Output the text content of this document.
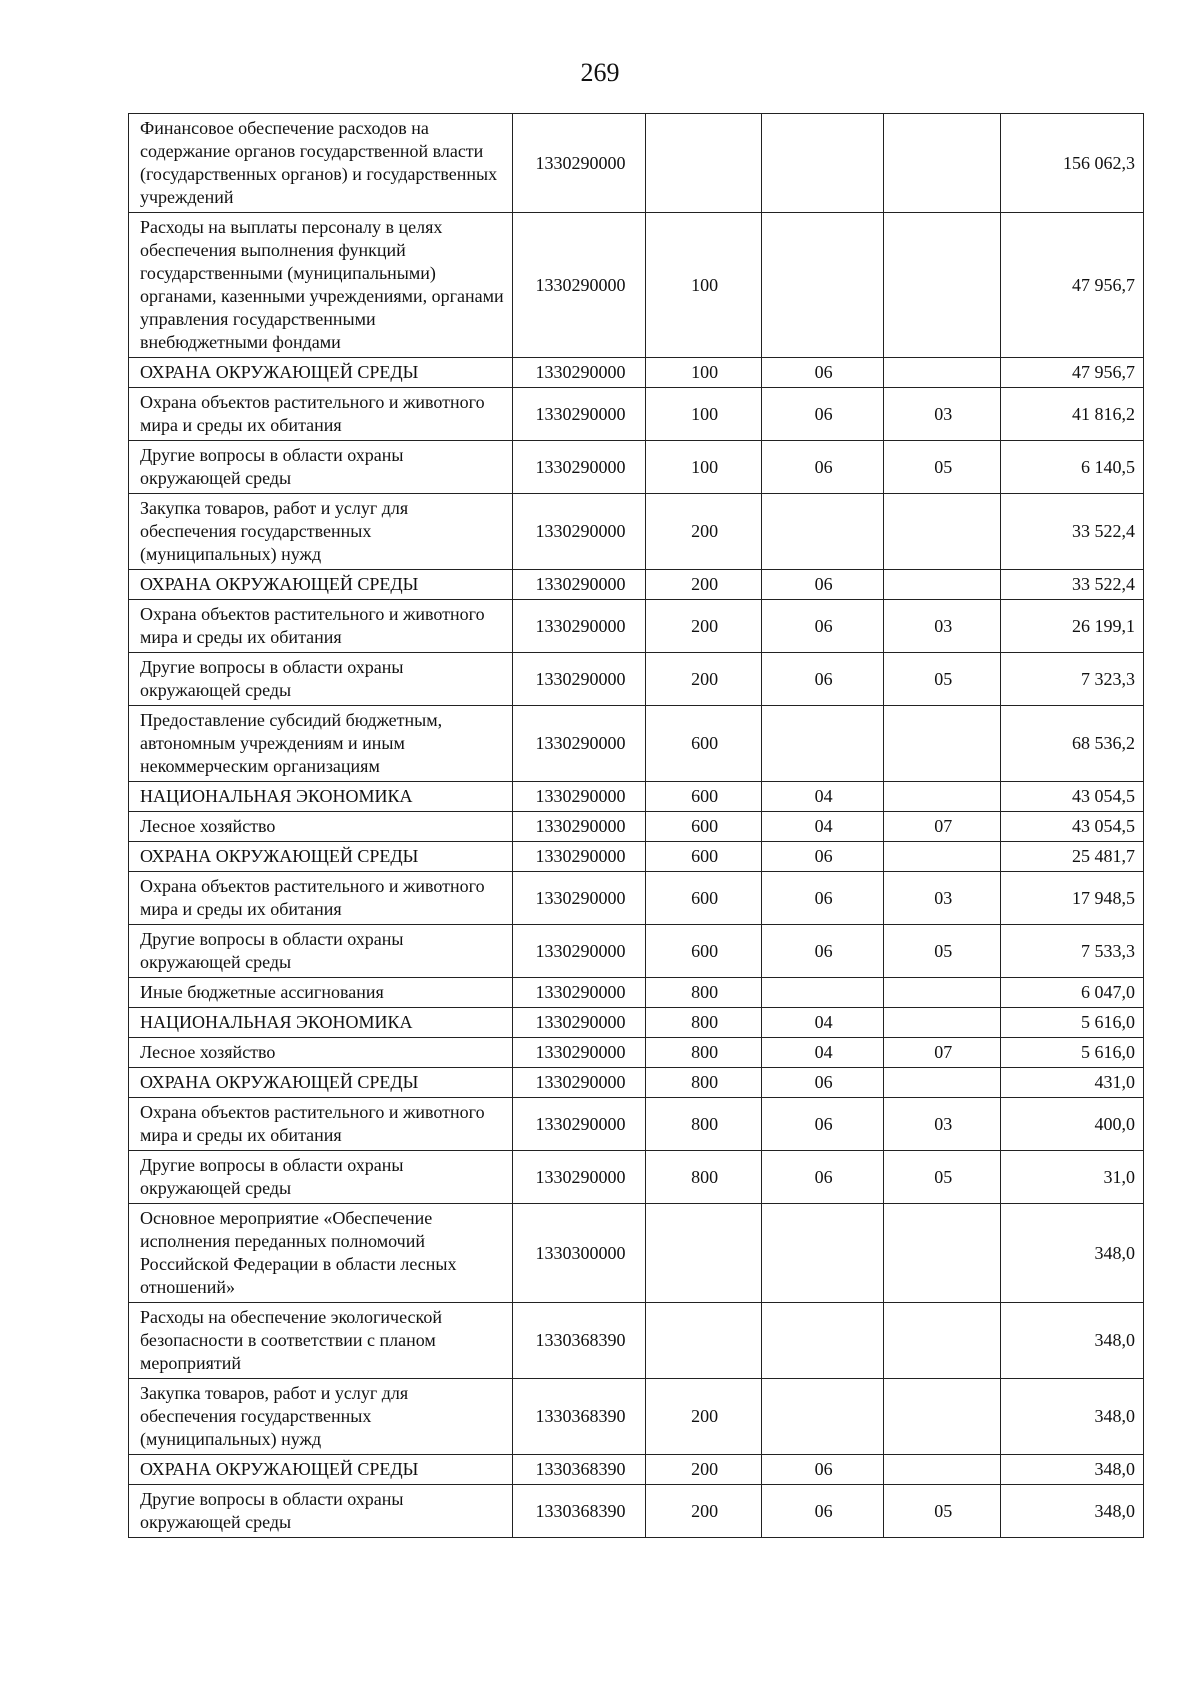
269
Финансовое обеспечение расходов на содержание органов государственной власти (государственных органов) и государственных учреждений	1330290000				156 062,3
Расходы на выплаты персоналу в целях обеспечения выполнения функций государственными (муниципальными) органами, казенными учреждениями, органами управления государственными внебюджетными фондами	1330290000	100			47 956,7
ОХРАНА ОКРУЖАЮЩЕЙ СРЕДЫ	1330290000	100	06		47 956,7
Охрана объектов растительного и животного мира и среды их обитания	1330290000	100	06	03	41 816,2
Другие вопросы в области охраны окружающей среды	1330290000	100	06	05	6 140,5
Закупка товаров, работ и услуг для обеспечения государственных (муниципальных) нужд	1330290000	200			33 522,4
ОХРАНА ОКРУЖАЮЩЕЙ СРЕДЫ	1330290000	200	06		33 522,4
Охрана объектов растительного и животного мира и среды их обитания	1330290000	200	06	03	26 199,1
Другие вопросы в области охраны окружающей среды	1330290000	200	06	05	7 323,3
Предоставление субсидий бюджетным, автономным учреждениям и иным некоммерческим организациям	1330290000	600			68 536,2
НАЦИОНАЛЬНАЯ ЭКОНОМИКА	1330290000	600	04		43 054,5
Лесное хозяйство	1330290000	600	04	07	43 054,5
ОХРАНА ОКРУЖАЮЩЕЙ СРЕДЫ	1330290000	600	06		25 481,7
Охрана объектов растительного и животного мира и среды их обитания	1330290000	600	06	03	17 948,5
Другие вопросы в области охраны окружающей среды	1330290000	600	06	05	7 533,3
Иные бюджетные ассигнования	1330290000	800			6 047,0
НАЦИОНАЛЬНАЯ ЭКОНОМИКА	1330290000	800	04		5 616,0
Лесное хозяйство	1330290000	800	04	07	5 616,0
ОХРАНА ОКРУЖАЮЩЕЙ СРЕДЫ	1330290000	800	06		431,0
Охрана объектов растительного и животного мира и среды их обитания	1330290000	800	06	03	400,0
Другие вопросы в области охраны окружающей среды	1330290000	800	06	05	31,0
Основное мероприятие «Обеспечение исполнения переданных полномочий Российской Федерации в области лесных отношений»	1330300000				348,0
Расходы на обеспечение экологической безопасности в соответствии с планом мероприятий	1330368390				348,0
Закупка товаров, работ и услуг для обеспечения государственных (муниципальных) нужд	1330368390	200			348,0
ОХРАНА ОКРУЖАЮЩЕЙ СРЕДЫ	1330368390	200	06		348,0
Другие вопросы в области охраны окружающей среды	1330368390	200	06	05	348,0
